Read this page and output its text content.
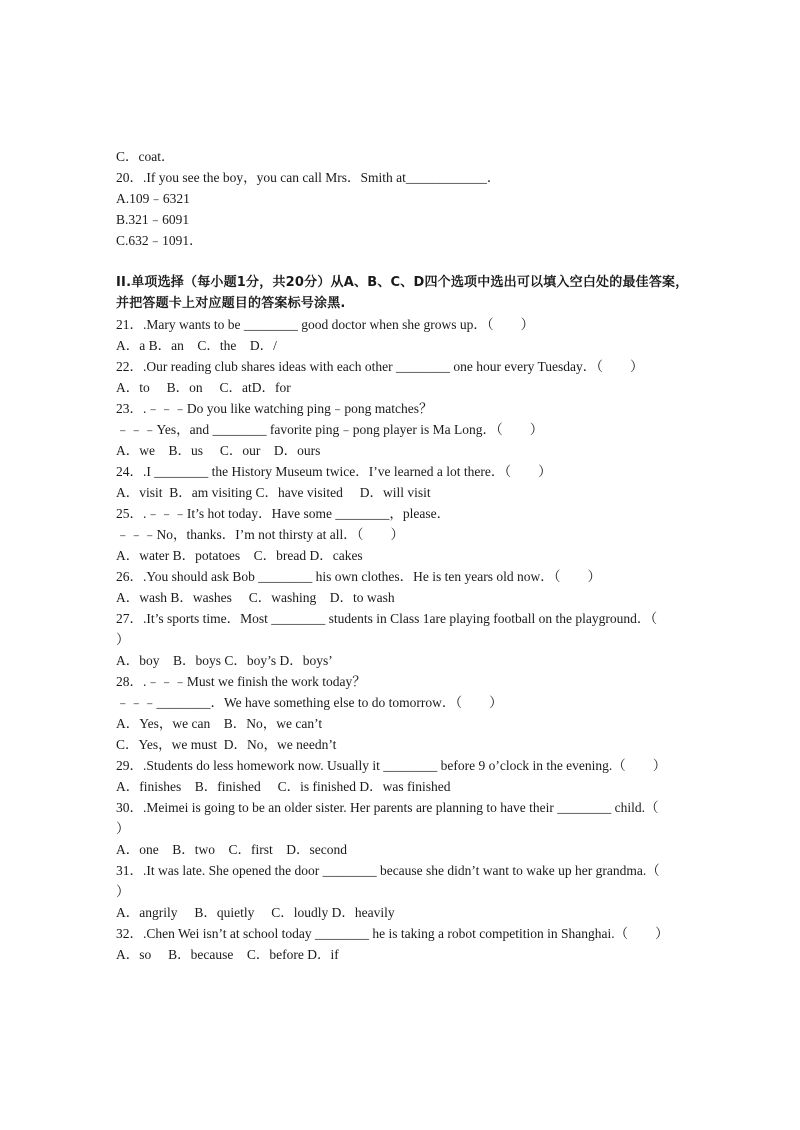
C．coat．
20．.If you see the boy，you can call Mrs．Smith at____________．
A.109﹣6321
B.321﹣6091
C.632﹣1091．
II.单项选择（每小题1分，共20分）从A、B、C、D四个选项中选出可以填入空白处的最佳答案，
并把答题卡上对应题目的答案标号涂黑.
21．.Mary wants to be ________ good doctor when she grows up．（　　）
A．a B．an　C．the　D．/
22．.Our reading club shares ideas with each other ________ one hour every Tuesday．（　　）
A．to　 B．on　 C．atD．for
23．.﹣﹣﹣Do you like watching ping﹣pong matches？
﹣﹣﹣Yes，and ________ favorite ping﹣pong player is Ma Long．（　　）
A．we　B．us　 C．our　D．ours
24．.I ________ the History Museum twice．I’ve learned a lot there．（　　）
A．visit  B．am visiting C．have visited　 D．will visit
25．.﹣﹣﹣It’s hot today．Have some ________，please．
﹣﹣﹣No，thanks．I’m not thirsty at all．（　　）
A．water B．potatoes　C．bread D．cakes
26．.You should ask Bob ________ his own clothes．He is ten years old now．（　　）
A．wash B．washes　 C．washing　D．to wash
27．.It’s sports time．Most ________ students in Class 1are playing football on the playground．（
）
A．boy　B．boys C．boy’s D．boys’
28．.﹣﹣﹣Must we finish the work today？
﹣﹣﹣________．We have something else to do tomorrow．（　　）
A．Yes，we can　B．No，we can’t
C．Yes，we must  D．No，we needn’t
29．.Students do less homework now. Usually it ________ before 9 o’clock in the evening.（　　）
A．finishes　B．finished　 C．is finished D．was finished
30．.Meimei is going to be an older sister. Her parents are planning to have their ________ child.（
）
A．one　B．two　C．first　D．second
31．.It was late. She opened the door ________ because she didn’t want to wake up her grandma.（
）
A．angrily　 B．quietly　 C．loudly D．heavily
32．.Chen Wei isn’t at school today ________ he is taking a robot competition in Shanghai.（　　）
A．so　 B．because　C．before D．if
